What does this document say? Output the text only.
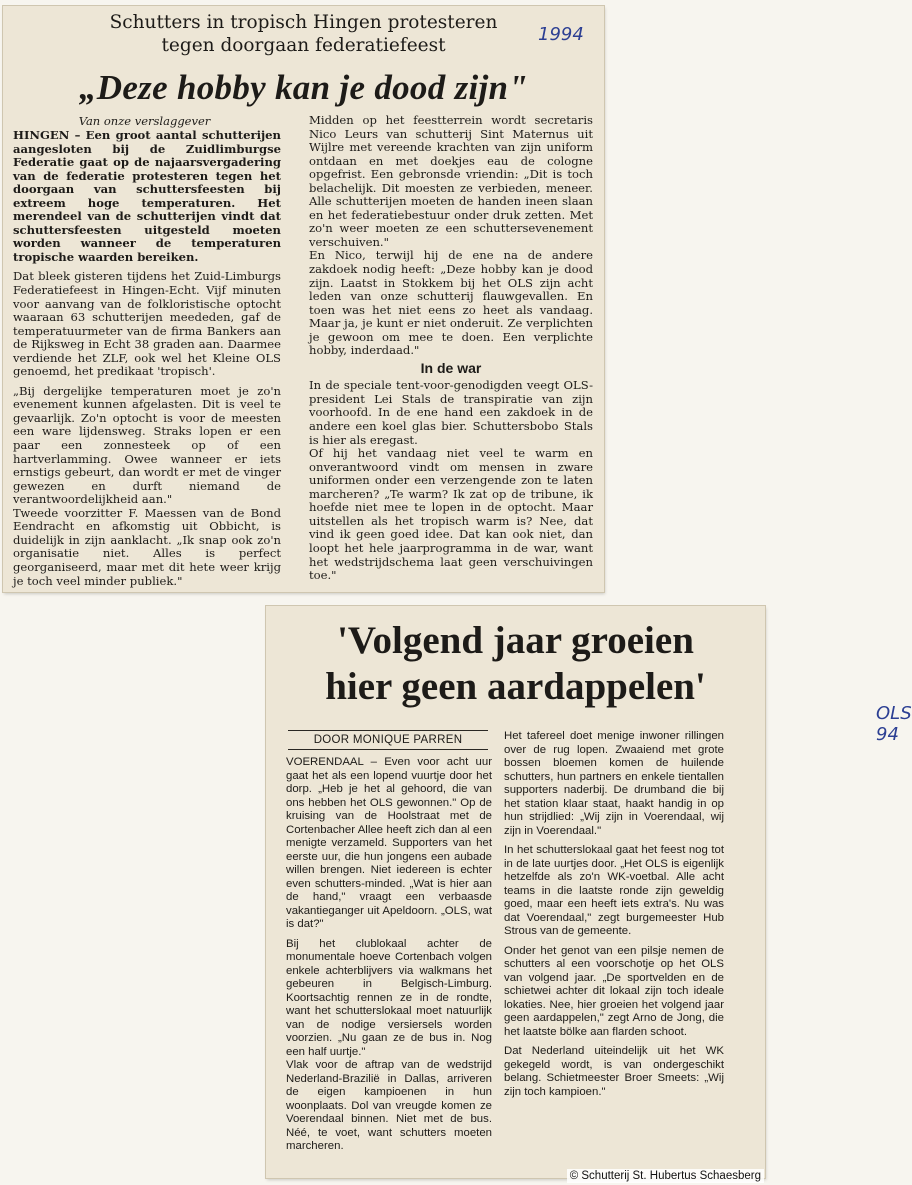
Schutters in tropisch Hingen protesteren
tegen doorgaan federatiefeest
1994
„Deze hobby kan je dood zijn"
Van onze verslaggever

HINGEN – Een groot aantal schutterijen aangesloten bij de Zuidlimburgse Federatie gaat op de najaarsvergadering van de federatie protesteren tegen het doorgaan van schuttersfeesten bij extreem hoge temperaturen. Het merendeel van de schutterijen vindt dat schuttersfeesten uitgesteld moeten worden wanneer de temperaturen tropische waarden bereiken.

Dat bleek gisteren tijdens het Zuid-Limburgs Federatiefeest in Hingen-Echt. Vijf minuten voor aanvang van de folkloristische optocht waaraan 63 schutterijen meededen, gaf de temperatuurmeter van de firma Bankers aan de Rijksweg in Echt 38 graden aan. Daarmee verdiende het ZLF, ook wel het Kleine OLS genoemd, het predikaat 'tropisch'.

„Bij dergelijke temperaturen moet je zo'n evenement kunnen afgelasten. Dit is veel te gevaarlijk. Zo'n optocht is voor de meesten een ware lijdensweg. Straks lopen er een paar een zonnesteek op of een hartverlamming. Owee wanneer er iets ernstigs gebeurt, dan wordt er met de vinger gewezen en durft niemand de verantwoordelijkheid aan."

Tweede voorzitter F. Maessen van de Bond Eendracht en afkomstig uit Obbicht, is duidelijk in zijn aanklacht. „Ik snap ook zo'n organisatie niet. Alles is perfect georganiseerd, maar met dit hete weer krijg je toch veel minder publiek."

Midden op het feestterrein wordt secretaris Nico Leurs van schutterij Sint Maternus uit Wijlre met vereende krachten van zijn uniform ontdaan en met doekjes eau de cologne opgefrist. Een gebronsde vriendin: „Dit is toch belachelijk. Dit moesten ze verbieden, meneer. Alle schutterijen moeten de handen ineen slaan en het federatiebestuur onder druk zetten. Met zo'n weer moeten ze een schuttersevenement verschuiven."

En Nico, terwijl hij de ene na de andere zakdoek nodig heeft: „Deze hobby kan je dood zijn. Laatst in Stokkem bij het OLS zijn acht leden van onze schutterij flauwgevallen. En toen was het niet eens zo heet als vandaag. Maar ja, je kunt er niet onderuit. Ze verplichten je gewoon om mee te doen. Een verplichte hobby, inderdaad."

In de war

In de speciale tent-voor-genodigden veegt OLS-president Lei Stals de transpiratie van zijn voorhoofd. In de ene hand een zakdoek in de andere een koel glas bier. Schuttersbobo Stals is hier als eregast.

Of hij het vandaag niet veel te warm en onverantwoord vindt om mensen in zware uniformen onder een verzengende zon te laten marcheren? „Te warm? Ik zat op de tribune, ik hoefde niet mee te lopen in de optocht. Maar uitstellen als het tropisch warm is? Nee, dat vind ik geen goed idee. Dat kan ook niet, dan loopt het hele jaarprogramma in de war, want het wedstrijdschema laat geen verschuivingen toe."

'Volgend jaar groeien
hier geen aardappelen'
OLS 94
DOOR MONIQUE PARREN

VOERENDAAL – Even voor acht uur gaat het als een lopend vuurtje door het dorp. „Heb je het al gehoord, die van ons hebben het OLS gewonnen." Op de kruising van de Hoolstraat met de Cortenbacher Allee heeft zich dan al een menigte verzameld. Supporters van het eerste uur, die hun jongens een aubade willen brengen. Niet iedereen is echter even schutters-minded. „Wat is hier aan de hand," vraagt een verbaasde vakantieganger uit Apeldoorn. „OLS, wat is dat?"

Bij het clublokaal achter de monumentale hoeve Cortenbach volgen enkele achterblijvers via walkmans het gebeuren in Belgisch-Limburg. Koortsachtig rennen ze in de rondte, want het schutterslokaal moet natuurlijk van de nodige versiersels worden voorzien. „Nu gaan ze de bus in. Nog een half uurtje."

Vlak voor de aftrap van de wedstrijd Nederland-Brazilië in Dallas, arriveren de eigen kampioenen in hun woonplaats. Dol van vreugde komen ze Voerendaal binnen. Niet met de bus. Néé, te voet, want schutters moeten marcheren.

Het tafereel doet menige inwoner rillingen over de rug lopen. Zwaaiend met grote bossen bloemen komen de huilende schutters, hun partners en enkele tientallen supporters naderbij. De drumband die bij het station klaar staat, haakt handig in op hun strijdlied: „Wij zijn in Voerendaal, wij zijn in Voerendaal."

In het schutterslokaal gaat het feest nog tot in de late uurtjes door. „Het OLS is eigenlijk hetzelfde als zo'n WK-voetbal. Alle acht teams in die laatste ronde zijn geweldig goed, maar een heeft iets extra's. Nu was dat Voerendaal," zegt burgemeester Hub Strous van de gemeente.

Onder het genot van een pilsje nemen de schutters al een voorschotje op het OLS van volgend jaar. „De sportvelden en de schietwei achter dit lokaal zijn toch ideale lokaties. Nee, hier groeien het volgend jaar geen aardappelen," zegt Arno de Jong, die het laatste bölke aan flarden schoot.

Dat Nederland uiteindelijk uit het WK gekegeld wordt, is van ondergeschikt belang. Schietmeester Broer Smeets: „Wij zijn toch kampioen."

© Schutterij St. Hubertus Schaesberg
